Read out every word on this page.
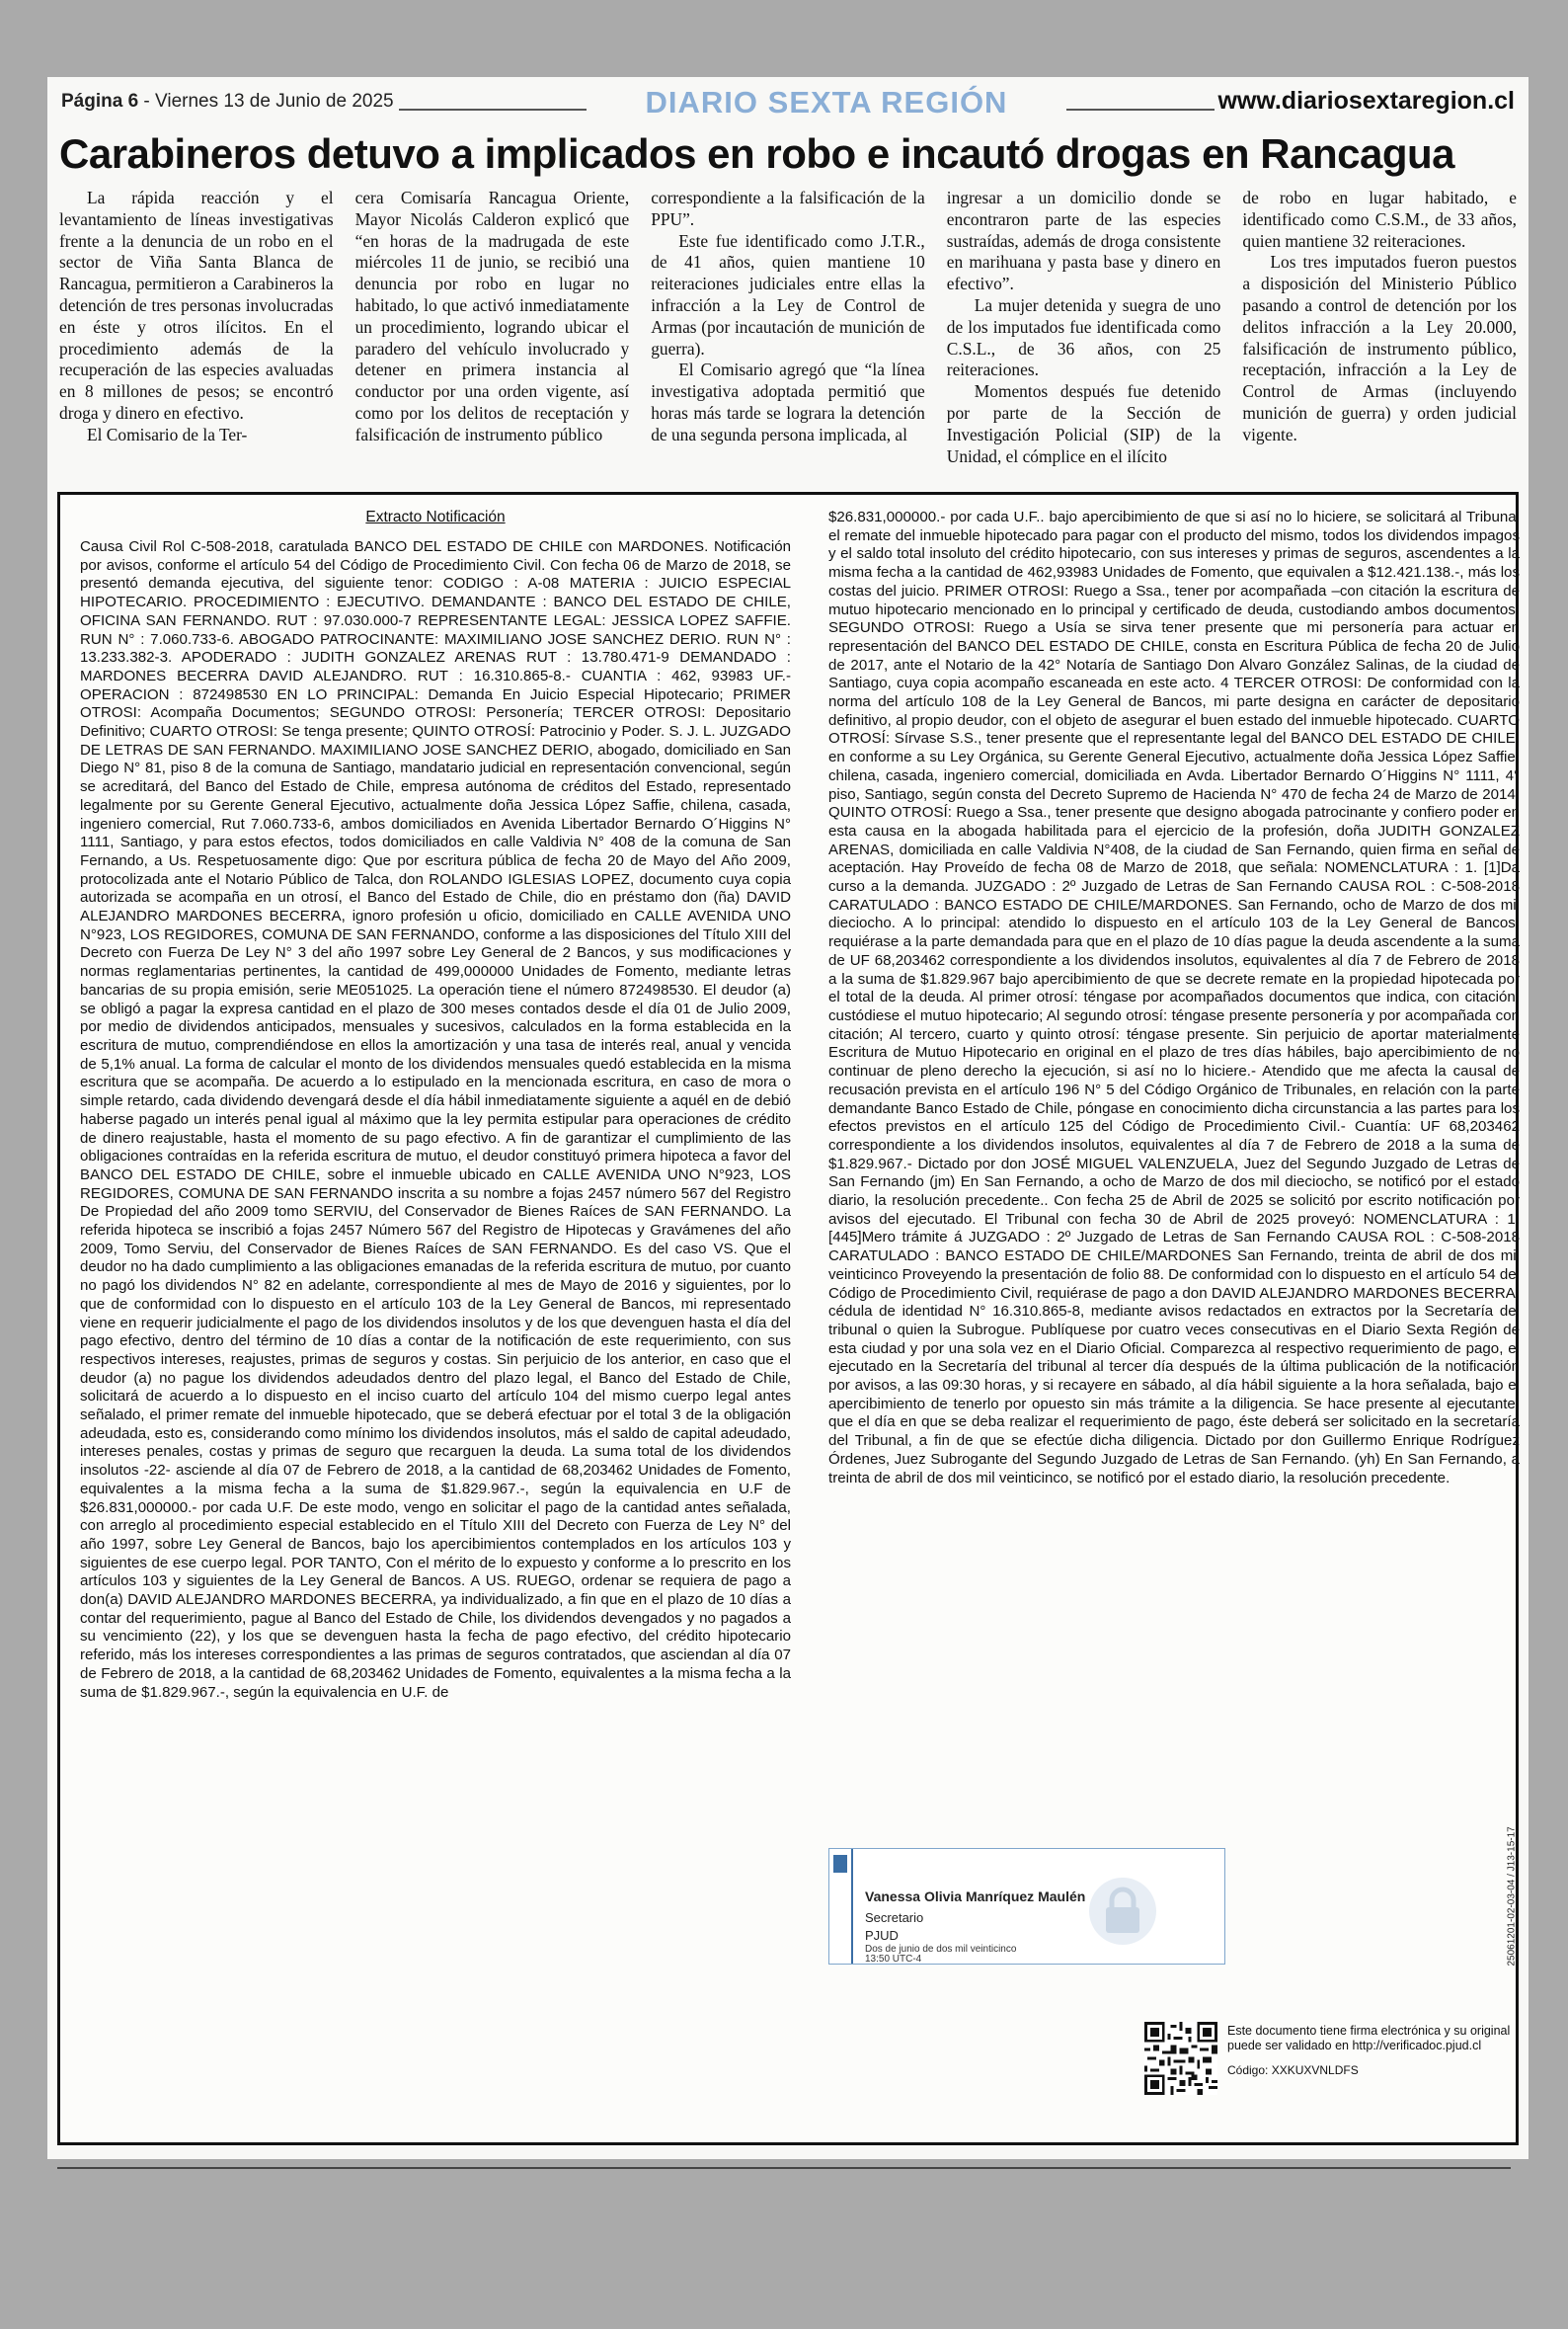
Página 6 - Viernes 13 de Junio de 2025	DIARIO SEXTA REGIÓN	www.diariosextaregion.cl
Carabineros detuvo a implicados en robo e incautó drogas en Rancagua

La rápida reacción y el levantamiento de líneas investigativas frente a la denuncia de un robo en el sector de Viña Santa Blanca de Rancagua, permitieron a Carabineros la detención de tres personas involucradas en éste y otros ilícitos. En el procedimiento además de la recuperación de las especies avaluadas en 8 millones de pesos; se encontró droga y dinero en efectivo.

El Comisario de la Ter-

cera Comisaría Rancagua Oriente, Mayor Nicolás Calderon explicó que “en horas de la madrugada de este miércoles 11 de junio, se recibió una denuncia por robo en lugar no habitado, lo que activó inmediatamente un procedimiento, logrando ubicar el paradero del vehículo involucrado y detener en primera instancia al conductor por una orden vigente, así como por los delitos de receptación y falsificación de instrumento público

correspondiente a la falsificación de la PPU”.

Este fue identificado como J.T.R., de 41 años, quien mantiene 10 reiteraciones judiciales entre ellas la infracción a la Ley de Control de Armas (por incautación de munición de guerra).

El Comisario agregó que “la línea investigativa adoptada permitió que horas más tarde se lograra la detención de una segunda persona implicada, al

ingresar a un domicilio donde se encontraron parte de las especies sustraídas, además de droga consistente en marihuana y pasta base y dinero en efectivo”.

La mujer detenida y suegra de uno de los imputados fue identificada como C.S.L., de 36 años, con 25 reiteraciones.

Momentos después fue detenido por parte de la Sección de Investigación Policial (SIP) de la Unidad, el cómplice en el ilícito

de robo en lugar habitado, e identificado como C.S.M., de 33 años, quien mantiene 32 reiteraciones.

Los tres imputados fueron puestos a disposición del Ministerio Público pasando a control de detención por los delitos infracción a la Ley 20.000, falsificación de instrumento público, receptación, infracción a la Ley de Control de Armas (incluyendo munición de guerra) y orden judicial vigente.

Extracto Notificación

Causa Civil Rol C-508-2018, caratulada BANCO DEL ESTADO DE CHILE con MARDONES. Notificación por avisos, conforme el artículo 54 del Código de Procedimiento Civil. Con fecha 06 de Marzo de 2018, se presentó demanda ejecutiva, del siguiente tenor: CODIGO : A-08 MATERIA : JUICIO ESPECIAL HIPOTECARIO. PROCEDIMIENTO : EJECUTIVO. DEMANDANTE : BANCO DEL ESTADO DE CHILE, OFICINA SAN FERNANDO. RUT : 97.030.000-7 REPRESENTANTE LEGAL: JESSICA LOPEZ SAFFIE. RUN N° : 7.060.733-6. ABOGADO PATROCINANTE: MAXIMILIANO JOSE SANCHEZ DERIO. RUN N° : 13.233.382-3. APODERADO : JUDITH GONZALEZ ARENAS RUT : 13.780.471-9 DEMANDADO : MARDONES BECERRA DAVID ALEJANDRO. RUT : 16.310.865-8.- CUANTIA : 462, 93983 UF.- OPERACION : 872498530 EN LO PRINCIPAL: Demanda En Juicio Especial Hipotecario; PRIMER OTROSI: Acompaña Documentos; SEGUNDO OTROSI: Personería; TERCER OTROSI: Depositario Definitivo; CUARTO OTROSI: Se tenga presente; QUINTO OTROSÍ: Patrocinio y Poder. S. J. L. JUZGADO DE LETRAS DE SAN FERNANDO. MAXIMILIANO JOSE SANCHEZ DERIO, abogado, domiciliado en San Diego N° 81, piso 8 de la comuna de Santiago, mandatario judicial en representación convencional, según se acreditará, del Banco del Estado de Chile, empresa autónoma de créditos del Estado, representado legalmente por su Gerente General Ejecutivo, actualmente doña Jessica López Saffie, chilena, casada, ingeniero comercial, Rut 7.060.733-6, ambos domiciliados en Avenida Libertador Bernardo O´Higgins N° 1111, Santiago, y para estos efectos, todos domiciliados en calle Valdivia N° 408 de la comuna de San Fernando, a Us. Respetuosamente digo: Que por escritura pública de fecha 20 de Mayo del Año 2009, protocolizada ante el Notario Público de Talca, don ROLANDO IGLESIAS LOPEZ, documento cuya copia autorizada se acompaña en un otrosí, el Banco del Estado de Chile, dio en préstamo don (ña) DAVID ALEJANDRO MARDONES BECERRA, ignoro profesión u oficio, domiciliado en CALLE AVENIDA UNO N°923, LOS REGIDORES, COMUNA DE SAN FERNANDO, conforme a las disposiciones del Título XIII del Decreto con Fuerza De Ley N° 3 del año 1997 sobre Ley General de 2 Bancos, y sus modificaciones y normas reglamentarias pertinentes, la cantidad de 499,000000 Unidades de Fomento, mediante letras bancarias de su propia emisión, serie ME051025. La operación tiene el número 872498530. El deudor (a) se obligó a pagar la expresa cantidad en el plazo de 300 meses contados desde el día 01 de Julio 2009, por medio de dividendos anticipados, mensuales y sucesivos, calculados en la forma establecida en la escritura de mutuo, comprendiéndose en ellos la amortización y una tasa de interés real, anual y vencida de 5,1% anual. La forma de calcular el monto de los dividendos mensuales quedó establecida en la misma escritura que se acompaña. De acuerdo a lo estipulado en la mencionada escritura, en caso de mora o simple retardo, cada dividendo devengará desde el día hábil inmediatamente siguiente a aquél en de debió haberse pagado un interés penal igual al máximo que la ley permita estipular para operaciones de crédito de dinero reajustable, hasta el momento de su pago efectivo. A fin de garantizar el cumplimiento de las obligaciones contraídas en la referida escritura de mutuo, el deudor constituyó primera hipoteca a favor del BANCO DEL ESTADO DE CHILE, sobre el inmueble ubicado en CALLE AVENIDA UNO N°923, LOS REGIDORES, COMUNA DE SAN FERNANDO inscrita a su nombre a fojas 2457 número 567 del Registro De Propiedad del año 2009 tomo SERVIU, del Conservador de Bienes Raíces de SAN FERNANDO. La referida hipoteca se inscribió a fojas 2457 Número 567 del Registro de Hipotecas y Gravámenes del año 2009, Tomo Serviu, del Conservador de Bienes Raíces de SAN FERNANDO. Es del caso VS. Que el deudor no ha dado cumplimiento a las obligaciones emanadas de la referida escritura de mutuo, por cuanto no pagó los dividendos N° 82 en adelante, correspondiente al mes de Mayo de 2016 y siguientes, por lo que de conformidad con lo dispuesto en el artículo 103 de la Ley General de Bancos, mi representado viene en requerir judicialmente el pago de los dividendos insolutos y de los que devenguen hasta el día del pago efectivo, dentro del término de 10 días a contar de la notificación de este requerimiento, con sus respectivos intereses, reajustes, primas de seguros y costas. Sin perjuicio de los anterior, en caso que el deudor (a) no pague los dividendos adeudados dentro del plazo legal, el Banco del Estado de Chile, solicitará de acuerdo a lo dispuesto en el inciso cuarto del artículo 104 del mismo cuerpo legal antes señalado, el primer remate del inmueble hipotecado, que se deberá efectuar por el total 3 de la obligación adeudada, esto es, considerando como mínimo los dividendos insolutos, más el saldo de capital adeudado, intereses penales, costas y primas de seguro que recarguen la deuda. La suma total de los dividendos insolutos -22- asciende al día 07 de Febrero de 2018, a la cantidad de 68,203462 Unidades de Fomento, equivalentes a la misma fecha a la suma de $1.829.967.-, según la equivalencia en U.F de $26.831,000000.- por cada U.F. De este modo, vengo en solicitar el pago de la cantidad antes señalada, con arreglo al procedimiento especial establecido en el Título XIII del Decreto con Fuerza de Ley N° del año 1997, sobre Ley General de Bancos, bajo los apercibimientos contemplados en los artículos 103 y siguientes de ese cuerpo legal. POR TANTO, Con el mérito de lo expuesto y conforme a lo prescrito en los artículos 103 y siguientes de la Ley General de Bancos. A US. RUEGO, ordenar se requiera de pago a don(a) DAVID ALEJANDRO MARDONES BECERRA, ya individualizado, a fin que en el plazo de 10 días a contar del requerimiento, pague al Banco del Estado de Chile, los dividendos devengados y no pagados a su vencimiento (22), y los que se devenguen hasta la fecha de pago efectivo, del crédito hipotecario referido, más los intereses correspondientes a las primas de seguros contratados, que asciendan al día 07 de Febrero de 2018, a la cantidad de 68,203462 Unidades de Fomento, equivalentes a la misma fecha a la suma de $1.829.967.-, según la equivalencia en U.F. de

$26.831,000000.- por cada U.F.. bajo apercibimiento de que si así no lo hiciere, se solicitará al Tribunal el remate del inmueble hipotecado para pagar con el producto del mismo, todos los dividendos impagos y el saldo total insoluto del crédito hipotecario, con sus intereses y primas de seguros, ascendentes a la misma fecha a la cantidad de 462,93983 Unidades de Fomento, que equivalen a $12.421.138.-, más los costas del juicio. PRIMER OTROSI: Ruego a Ssa., tener por acompañada –con citación la escritura de mutuo hipotecario mencionado en lo principal y certificado de deuda, custodiando ambos documentos. SEGUNDO OTROSI: Ruego a Usía se sirva tener presente que mi personería para actuar en representación del BANCO DEL ESTADO DE CHILE, consta en Escritura Pública de fecha 20 de Julio de 2017, ante el Notario de la 42° Notaría de Santiago Don Alvaro González Salinas, de la ciudad de Santiago, cuya copia acompaño escaneada en este acto. 4 TERCER OTROSI: De conformidad con la norma del artículo 108 de la Ley General de Bancos, mi parte designa en carácter de depositario definitivo, al propio deudor, con el objeto de asegurar el buen estado del inmueble hipotecado. CUARTO OTROSÍ: Sírvase S.S., tener presente que el representante legal del BANCO DEL ESTADO DE CHILE, en conforme a su Ley Orgánica, su Gerente General Ejecutivo, actualmente doña Jessica López Saffie, chilena, casada, ingeniero comercial, domiciliada en Avda. Libertador Bernardo O´Higgins N° 1111, 4° piso, Santiago, según consta del Decreto Supremo de Hacienda N° 470 de fecha 24 de Marzo de 2014. QUINTO OTROSÍ: Ruego a Ssa., tener presente que designo abogada patrocinante y confiero poder en esta causa en la abogada habilitada para el ejercicio de la profesión, doña JUDITH GONZALEZ ARENAS, domiciliada en calle Valdivia N°408, de la ciudad de San Fernando, quien firma en señal de aceptación. Hay Proveído de fecha 08 de Marzo de 2018, que señala: NOMENCLATURA : 1. [1]Da curso a la demanda. JUZGADO : 2º Juzgado de Letras de San Fernando CAUSA ROL : C-508-2018 CARATULADO : BANCO ESTADO DE CHILE/MARDONES. San Fernando, ocho de Marzo de dos mil dieciocho. A lo principal: atendido lo dispuesto en el artículo 103 de la Ley General de Bancos, requiérase a la parte demandada para que en el plazo de 10 días pague la deuda ascendente a la suma de UF 68,203462 correspondiente a los dividendos insolutos, equivalentes al día 7 de Febrero de 2018 a la suma de $1.829.967 bajo apercibimiento de que se decrete remate en la propiedad hipotecada por el total de la deuda. Al primer otrosí: téngase por acompañados documentos que indica, con citación, custódiese el mutuo hipotecario; Al segundo otrosí: téngase presente personería y por acompañada con citación; Al tercero, cuarto y quinto otrosí: téngase presente. Sin perjuicio de aportar materialmente Escritura de Mutuo Hipotecario en original en el plazo de tres días hábiles, bajo apercibimiento de no continuar de pleno derecho la ejecución, si así no lo hiciere.- Atendido que me afecta la causal de recusación prevista en el artículo 196 N° 5 del Código Orgánico de Tribunales, en relación con la parte demandante Banco Estado de Chile, póngase en conocimiento dicha circunstancia a las partes para los efectos previstos en el artículo 125 del Código de Procedimiento Civil.- Cuantía: UF 68,203462 correspondiente a los dividendos insolutos, equivalentes al día 7 de Febrero de 2018 a la suma de $1.829.967.- Dictado por don JOSÉ MIGUEL VALENZUELA, Juez del Segundo Juzgado de Letras de San Fernando (jm) En San Fernando, a ocho de Marzo de dos mil dieciocho, se notificó por el estado diario, la resolución precedente.. Con fecha 25 de Abril de 2025 se solicitó por escrito notificación por avisos del ejecutado. El Tribunal con fecha 30 de Abril de 2025 proveyó: NOMENCLATURA : 1. [445]Mero trámite á JUZGADO : 2º Juzgado de Letras de San Fernando CAUSA ROL : C-508-2018 CARATULADO : BANCO ESTADO DE CHILE/MARDONES San Fernando, treinta de abril de dos mil veinticinco Proveyendo la presentación de folio 88. De conformidad con lo dispuesto en el artículo 54 del Código de Procedimiento Civil, requiérase de pago a don DAVID ALEJANDRO MARDONES BECERRA, cédula de identidad N° 16.310.865-8, mediante avisos redactados en extractos por la Secretaría del tribunal o quien la Subrogue. Publíquese por cuatro veces consecutivas en el Diario Sexta Región de esta ciudad y por una sola vez en el Diario Oficial. Comparezca al respectivo requerimiento de pago, el ejecutado en la Secretaría del tribunal al tercer día después de la última publicación de la notificación por avisos, a las 09:30 horas, y si recayere en sábado, al día hábil siguiente a la hora señalada, bajo el apercibimiento de tenerlo por opuesto sin más trámite a la diligencia. Se hace presente al ejecutante, que el día en que se deba realizar el requerimiento de pago, éste deberá ser solicitado en la secretaría del Tribunal, a fin de que se efectúe dicha diligencia. Dictado por don Guillermo Enrique Rodríguez Órdenes, Juez Subrogante del Segundo Juzgado de Letras de San Fernando. (yh) En San Fernando, a treinta de abril de dos mil veinticinco, se notificó por el estado diario, la resolución precedente.

Vanessa Olivia Manríquez Maulén
Secretario
PJUD
Dos de junio de dos mil veinticinco
13:50 UTC-4
Este documento tiene firma electrónica y su original puede ser validado en http://verificadoc.pjud.cl
Código: XXKUXVNLDFS
25061201-02-03-04 / J13-15-17
